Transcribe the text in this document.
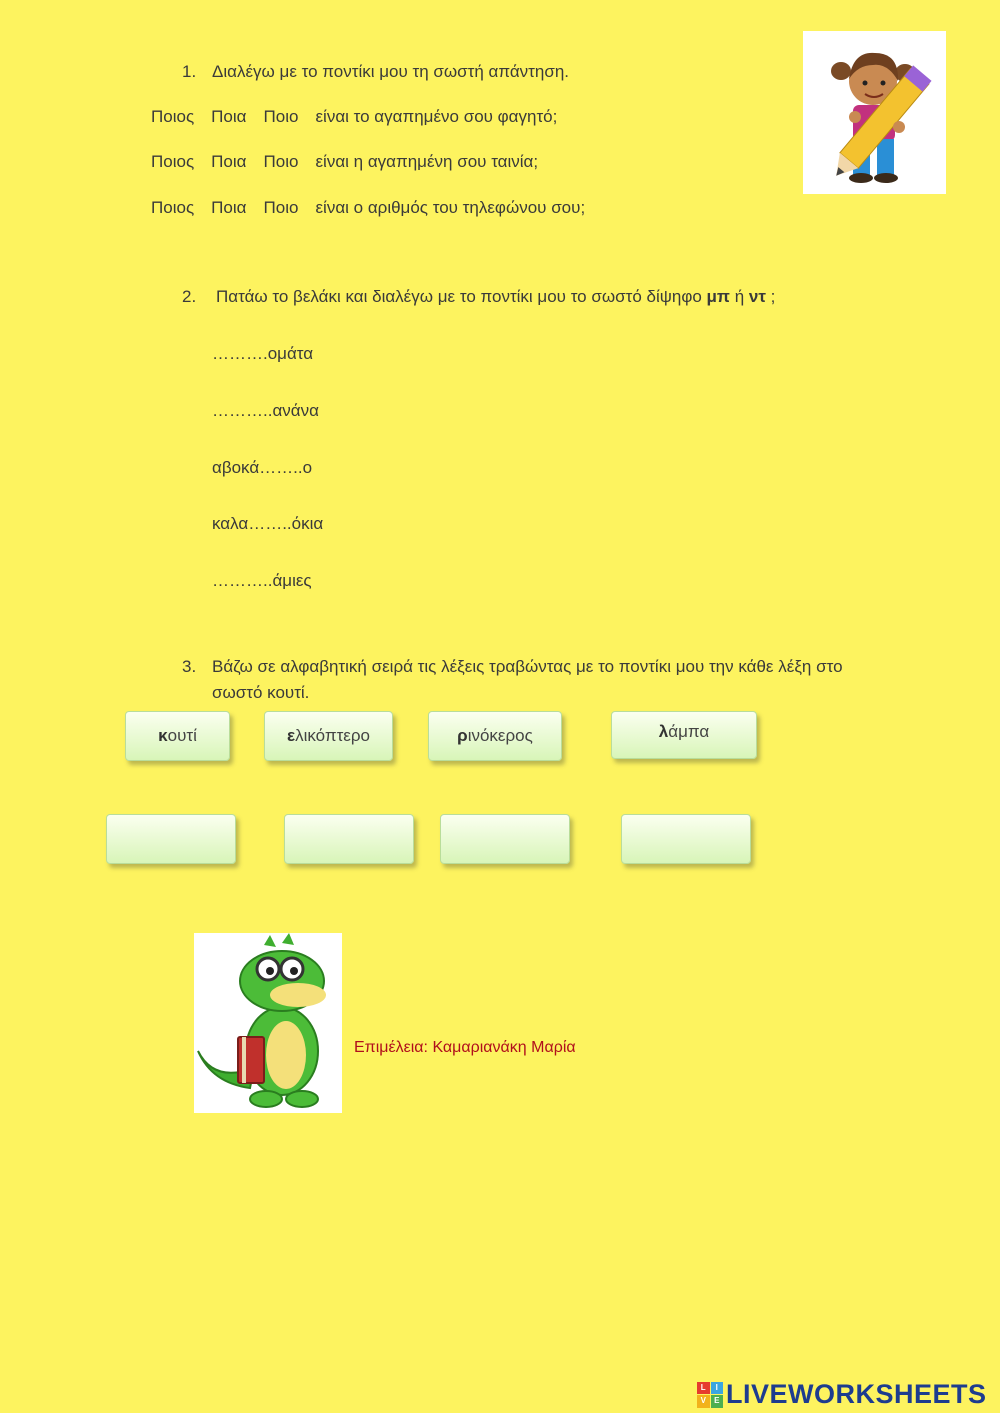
1. Διαλέγω με το ποντίκι μου τη σωστή απάντηση.
Ποιος Ποια Ποιο είναι το αγαπημένο σου φαγητό;
Ποιος Ποια Ποιο είναι η αγαπημένη σου ταινία;
Ποιος Ποια Ποιο είναι ο αριθμός του τηλεφώνου σου;
2. Πατάω το βελάκι και διαλέγω με το ποντίκι μου το σωστό δίψηφο μπ ή ντ ;
……….ομάτα
………..ανάνα
αβοκά……..ο
καλα……..όκια
………..άμιες
3. Βάζω σε αλφαβητική σειρά τις λέξεις τραβώντας με το ποντίκι μου την κάθε λέξη στο σωστό κουτί.
κ ουτί	ε λικόπτερο	ρ ινόκερος	λ άμπα
Επιμέλεια: Καμαριανάκη Μαρία
L	I
V	E LIVEWORKSHEETS
